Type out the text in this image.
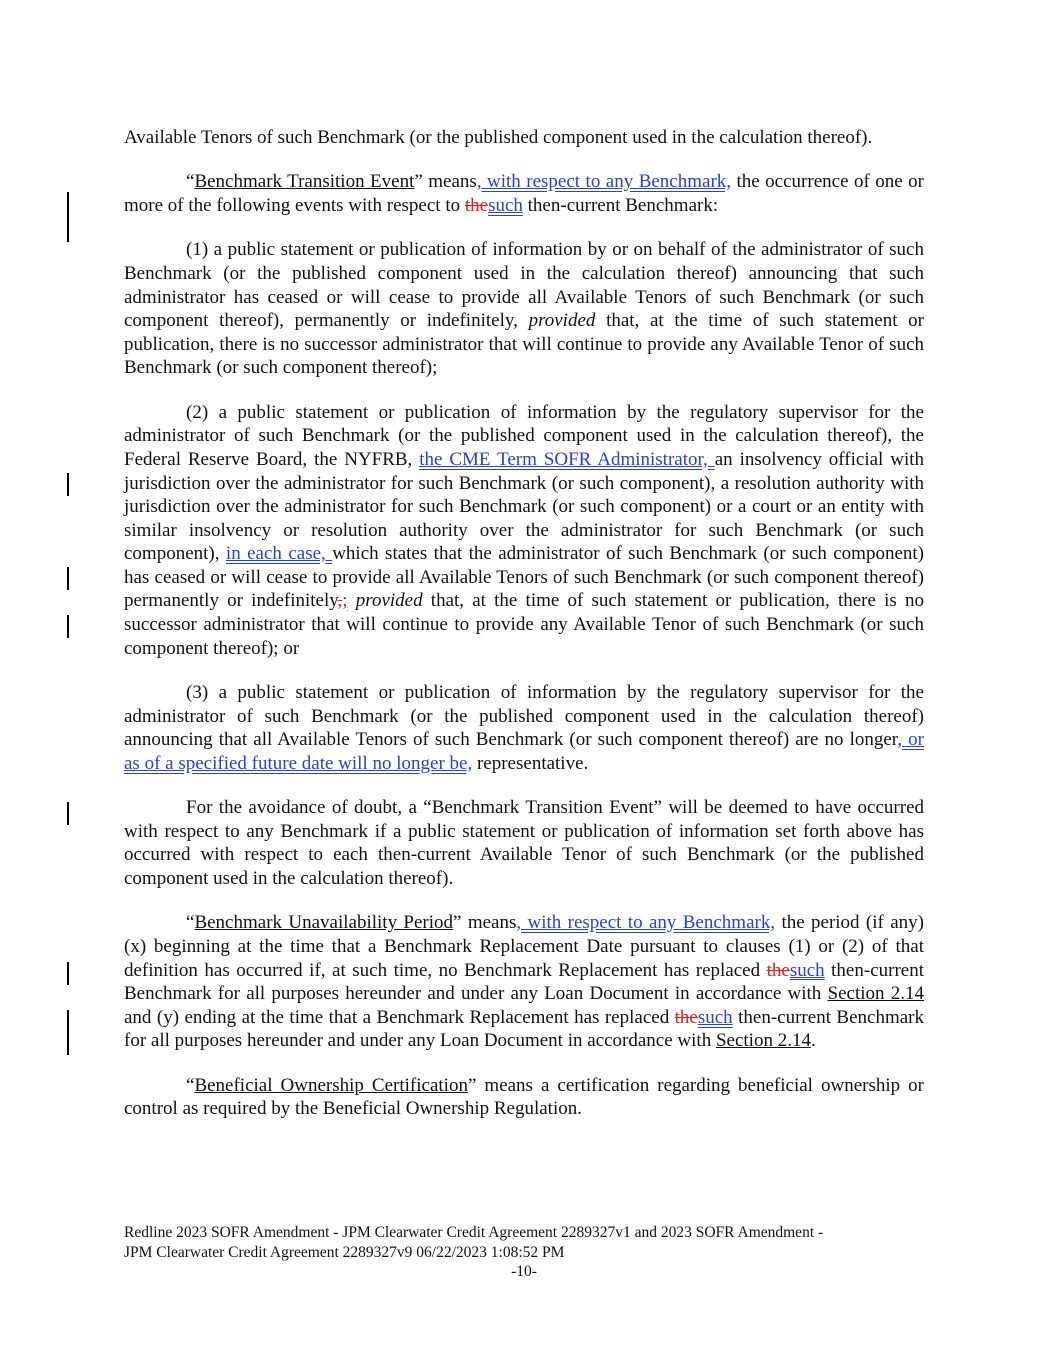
Available Tenors of such Benchmark (or the published component used in the calculation thereof).

“Benchmark Transition Event” means, with respect to any Benchmark, the occurrence of one or more of the following events with respect to thesuch then-current Benchmark:

(1) a public statement or publication of information by or on behalf of the administrator of such Benchmark (or the published component used in the calculation thereof) announcing that such administrator has ceased or will cease to provide all Available Tenors of such Benchmark (or such component thereof), permanently or indefinitely, provided that, at the time of such statement or publication, there is no successor administrator that will continue to provide any Available Tenor of such Benchmark (or such component thereof);

(2) a public statement or publication of information by the regulatory supervisor for the administrator of such Benchmark (or the published component used in the calculation thereof), the Federal Reserve Board, the NYFRB, the CME Term SOFR Administrator, an insolvency official with jurisdiction over the administrator for such Benchmark (or such component), a resolution authority with jurisdiction over the administrator for such Benchmark (or such component) or a court or an entity with similar insolvency or resolution authority over the administrator for such Benchmark (or such component), in each case, which states that the administrator of such Benchmark (or such component) has ceased or will cease to provide all Available Tenors of such Benchmark (or such component thereof) permanently or indefinitely,; provided that, at the time of such statement or publication, there is no successor administrator that will continue to provide any Available Tenor of such Benchmark (or such component thereof); or

(3) a public statement or publication of information by the regulatory supervisor for the administrator of such Benchmark (or the published component used in the calculation thereof) announcing that all Available Tenors of such Benchmark (or such component thereof) are no longer, or as of a specified future date will no longer be, representative.

For the avoidance of doubt, a “Benchmark Transition Event” will be deemed to have occurred with respect to any Benchmark if a public statement or publication of information set forth above has occurred with respect to each then-current Available Tenor of such Benchmark (or the published component used in the calculation thereof).

“Benchmark Unavailability Period” means, with respect to any Benchmark, the period (if any) (x) beginning at the time that a Benchmark Replacement Date pursuant to clauses (1) or (2) of that definition has occurred if, at such time, no Benchmark Replacement has replaced thesuch then-current Benchmark for all purposes hereunder and under any Loan Document in accordance with Section 2.14 and (y) ending at the time that a Benchmark Replacement has replaced thesuch then-current Benchmark for all purposes hereunder and under any Loan Document in accordance with Section 2.14.

“Beneficial Ownership Certification” means a certification regarding beneficial ownership or control as required by the Beneficial Ownership Regulation.

Redline 2023 SOFR Amendment - JPM Clearwater Credit Agreement 2289327v1 and 2023 SOFR Amendment -
JPM Clearwater Credit Agreement 2289327v9 06/22/2023 1:08:52 PM
-10-
